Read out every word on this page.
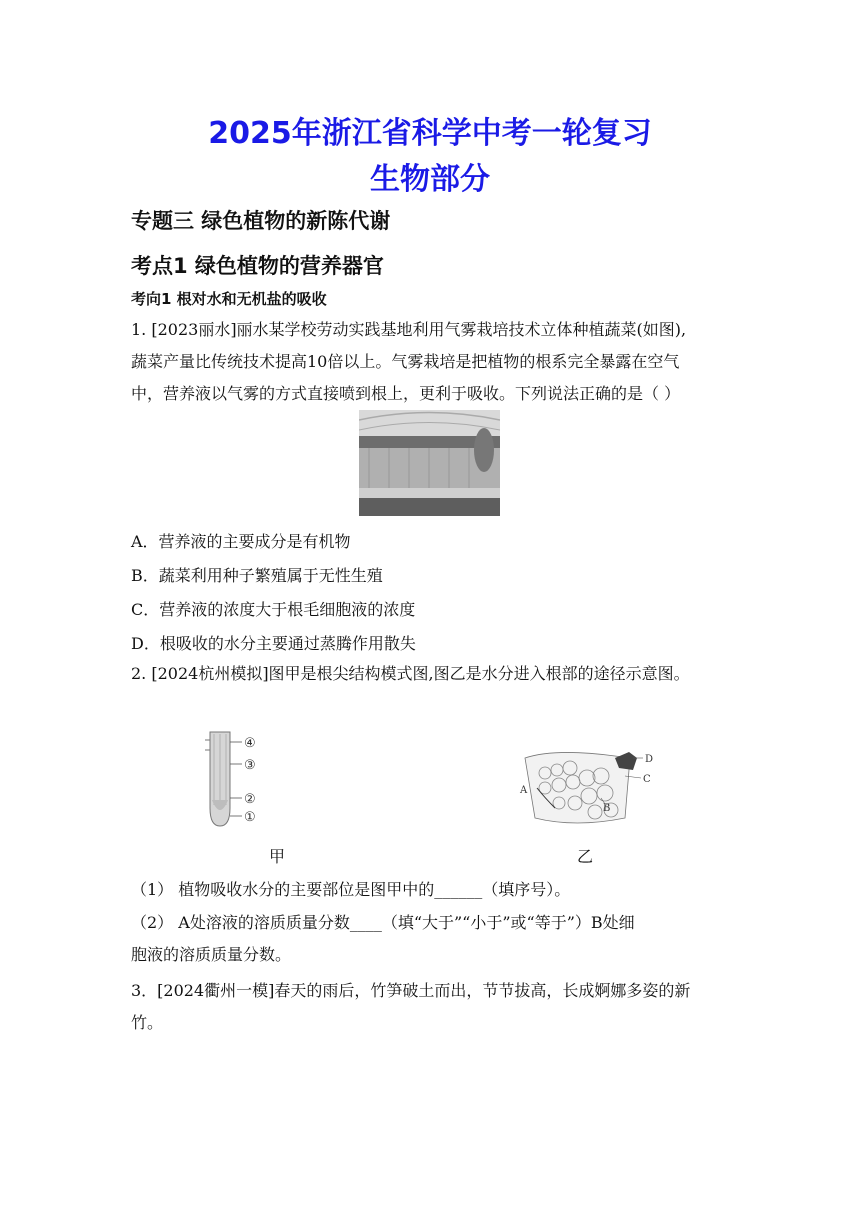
2025年浙江省科学中考一轮复习
生物部分
专题三 绿色植物的新陈代谢
考点1 绿色植物的营养器官
考向1 根对水和无机盐的吸收
1. [2023丽水]丽水某学校劳动实践基地利用气雾栽培技术立体种植蔬菜(如图),
蔬菜产量比传统技术提高10倍以上。气雾栽培是把植物的根系完全暴露在空气
中，营养液以气雾的方式直接喷到根上，更利于吸收。下列说法正确的是（ ）
A．营养液的主要成分是有机物
B．蔬菜利用种子繁殖属于无性生殖
C．营养液的浓度大于根毛细胞液的浓度
D．根吸收的水分主要通过蒸腾作用散失
2. [2024杭州模拟]图甲是根尖结构模式图,图乙是水分进入根部的途径示意图。
④
③
②
①
D
C
A
B
甲	乙
（1） 植物吸收水分的主要部位是图甲中的______（填序号）。
（2） A处溶液的溶质质量分数____（填“大于”“小于”或“等于”）B处细
胞液的溶质质量分数。
3．[2024衢州一模]春天的雨后，竹笋破土而出，节节拔高，长成婀娜多姿的新
竹。
